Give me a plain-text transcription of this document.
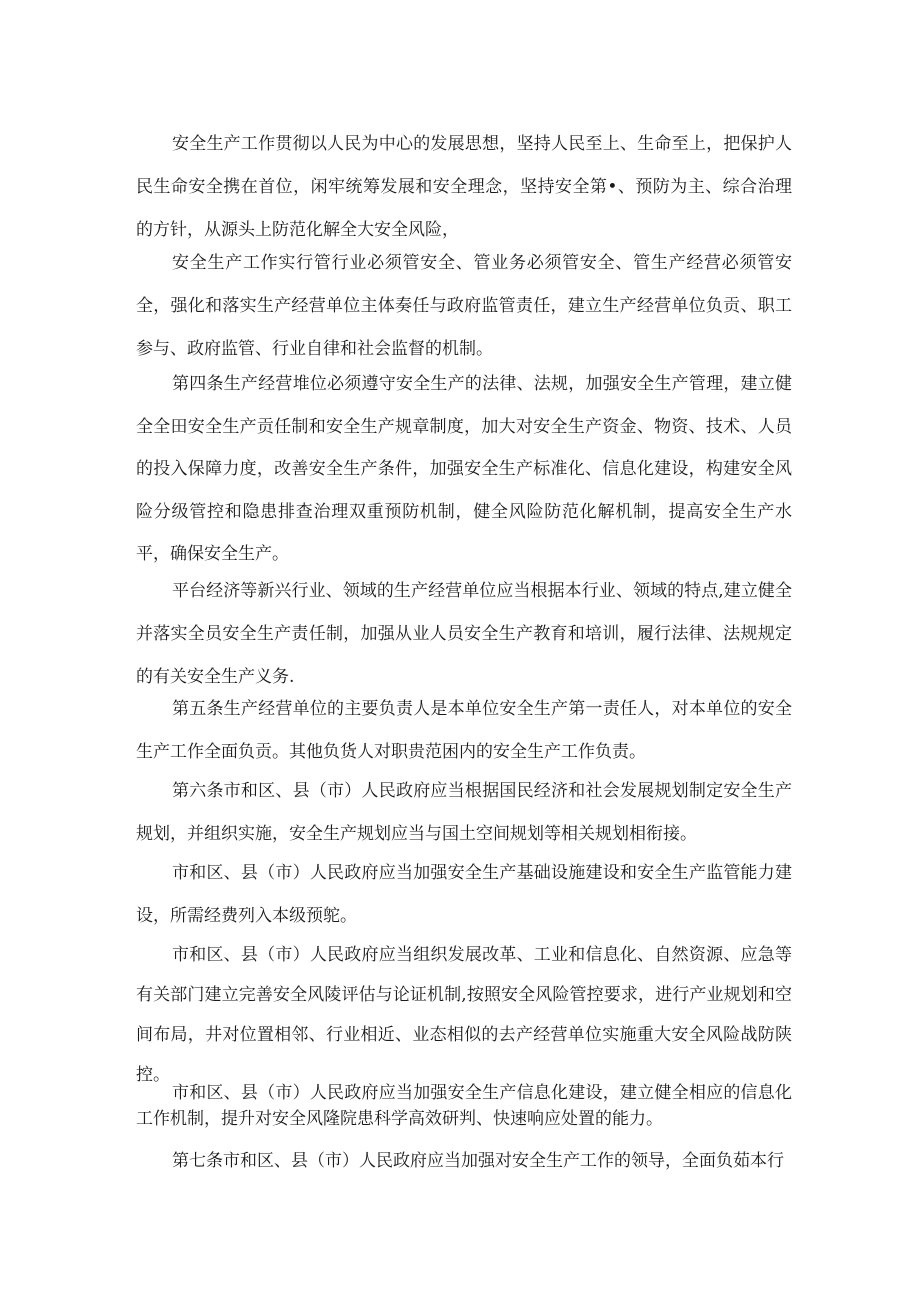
安全生产工作贯彻以人民为中心的发展思想，坚持人民至上、生命至上，把保护人民生命安全携在首位，闲牢统筹发展和安全理念，坚持安全第•、预防为主、综合治理的方针，从源头上防范化解全大安全风险，

安全生产工作实行管行业必须管安全、管业务必须管安全、管生产经营必须管安全，强化和落实生产经营单位主体奏任与政府监管责任，建立生产经营单位负贡、职工参与、政府监管、行业自律和社会监督的机制。

第四条生产经营堆位必须遵守安全生产的法律、法规，加强安全生产管理，建立健全全田安全生产贡任制和安全生产规章制度，加大对安全生产资金、物资、技术、人员的投入保障力度，改善安全生产条件，加强安全生产标准化、信息化建设，构建安全风险分级管控和隐患排查治理双重预防机制，健全风险防范化解机制，提高安全生产水平，确保安全生产。

平台经济等新兴行业、领域的生产经营单位应当根据本行业、领域的特点,建立健全并落实全员安全生产责任制，加强从业人员安全生产教育和培训，履行法律、法规规定的有关安全生产义务.

第五条生产经营单位的主要负责人是本单位安全生产第一责任人，对本单位的安全生产工作全面负贡。其他负货人对职贵范困内的安全生产工作负责。

第六条市和区、县（市）人民政府应当根据国民经济和社会发展规划制定安全生产规划，并组织实施，安全生产规划应当与国土空间规划等相关规划相衔接。

市和区、县（市）人民政府应当加强安全生产基础设施建设和安全生产监管能力建设，所需经费列入本级预鸵。

市和区、县（市）人民政府应当组织发展改革、工业和信息化、自然资源、应急等有关部门建立完善安全风陵评估与论证机制,按照安全风险管控要求，进行产业规划和空间布局，井对位置相邻、行业相近、业态相似的去产经营单位实施重大安全风险战防陕控。

市和区、县（市）人民政府应当加强安全生产信息化建设，建立健全相应的信息化工作机制，提升对安全风隆院患科学高效研判、快速响应处置的能力。

第七条市和区、县（市）人民政府应当加强对安全生产工作的领导，全面负茹本行
